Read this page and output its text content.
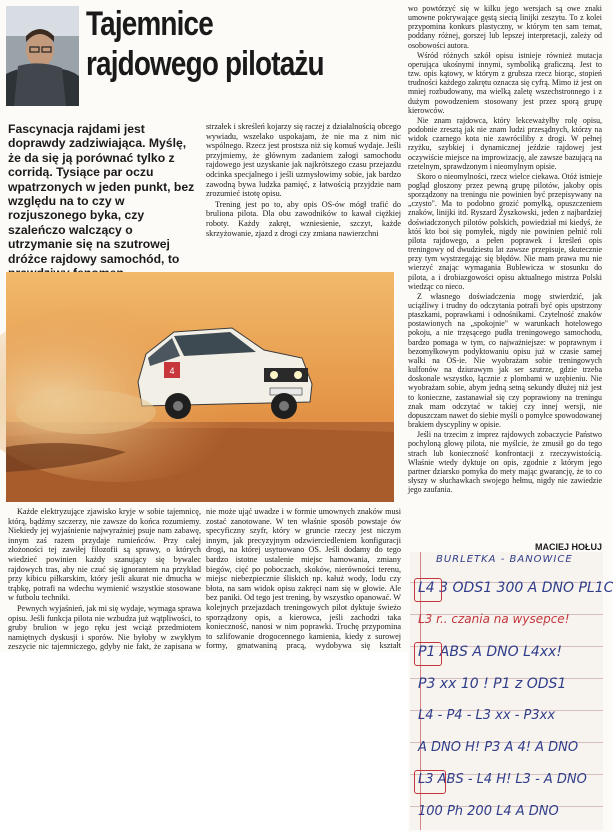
Tajemnice
rajdowego pilotażu
Fascynacja rajdami jest doprawdy zadziwiająca. Myślę, że da się ją porównać tylko z corridą. Tysiące par oczu wpatrzonych w jeden punkt, bez względu na to czy w rozjuszonego byka, czy szaleńczo walczący o utrzymanie się na szutrowej dróżce rajdowy samochód, to

strzałek i skreśleń kojarzy się raczej z działalnością obcego wywiadu, wszelako uspokajam, że nie ma z nim nic wspólnego. Rzecz jest prostsza niż się komuś wydaje. Jeśli przyjmiemy, że głównym zadaniem załogi samochodu rajdowego jest uzyskanie jak najkrótszego czasu przejazdu odcinka specjalnego i jeśli uzmysłowimy sobie, jak bardzo zawodną bywa ludzka pamięć, z łatwością przyjdzie nam zrozumieć istotę opisu.

Trening jest po to, aby opis OS-ów mógł trafić do bruliona pilota. Dla obu zawodników to kawał ciężkiej roboty. Każdy zakręt, wzniesienie, szczyt, każde skrzyżowanie, zjazd z drogi czy zmiana nawierzchni

4

Każde elektryzujące zjawisko kryje w sobie tajemnicę, którą, bądźmy szczerzy, nie zawsze do końca rozumiemy. Niekiedy jej wyjaśnienie najwyraźniej psuje nam zabawę, innym zaś razem przydaje rumieńców. Przy całej złożoności tej zawiłej filozofii są sprawy, o których wiedzieć powinien każdy szanujący się bywalec rajdowych tras, aby nie czuć się ignorantem na przykład przy kibicu piłkarskim, który jeśli akurat nie dmucha w trąbkę, potrafi na wdechu wymienić wszystkie stosowane w futbolu techniki.

Pewnych wyjaśnień, jak mi się wydaje, wymaga sprawa opisu. Jeśli funkcja pilota nie wzbudza już wątpliwości, to gruby brulion w jego ręku jest wciąż przedmiotem namiętnych dyskusji i sporów. Nie byłoby w zwykłym zeszycie nic tajemniczego, gdyby nie fakt, że zapisana w

nie może ująć uwadze i w formie umownych znaków musi zostać zanotowane. W ten właśnie sposób powstaje ów specyficzny szyfr, który w gruncie rzeczy jest niczym innym, jak precyzyjnym odzwierciedleniem konfiguracji drogi, na której usytuowano OS. Jeśli dodamy do tego bardzo istotne ustalenie miejsc hamowania, zmiany biegów, cięć po poboczach, skoków, nierówności terenu, miejsc niebezpiecznie śliskich np. kałuż wody, lodu czy błota, na sam widok opisu zakręci nam się w głowie. Ale bez paniki. Od tego jest trening, by wszystko opanować. W kolejnych przejazdach treningowych pilot dyktuje świeżo sporządzony opis, a kierowca, jeśli zachodzi taka konieczność, nanosi w nim poprawki. Trochę przypomina to szlifowanie drogocennego kamienia, kiedy z surowej formy, gmatwaniną pracą, wydobywa się kształt

wo powtórzyć się w kilku jego wersjach są owe znaki umowne pokrywające gęstą siecią linijki zeszytu. To z kolei przypomina konkurs plastyczny, w którym ten sam temat, poddany różnej, gorszej lub lepszej interpretacji, zależy od osobowości autora.

Wśród różnych szkół opisu istnieje również mutacja operująca ukośnymi innymi, symboliką graficzną. Jest to tzw. opis kątowy, w którym z grubsza rzecz biorąc, stopień trudności każdego zakrętu oznacza się cyfrą. Mimo iż jest on mniej rozbudowany, ma wielką zaletę wszechstronnego i z dużym powodzeniem stosowany jest przez sporą grupę kierowców.

Nie znam rajdowca, który lekceważyłby rolę opisu, podobnie zresztą jak nie znam ludzi przesądnych, którzy na widok czarnego kota nie zawróciliby z drogi. W pełnej rzyżku, szybkiej i dynamicznej jeździe rajdowej jest oczywiście miejsce na improwizację, ale zawsze bazującą na rzetelnym, sprawdzonym i nieomylnym opisie.

Skoro o nieomylności, rzecz wielce ciekawa. Otóż istnieje pogląd głoszony przez pewną grupę pilotów, jakoby opis sporządzony na treningu nie powinien być przepisywany na „czysto". Ma to podobno grozić pomyłką, opuszczeniem znaków, linijki itd. Ryszard Żyszkowski, jeden z najbardziej doświadczonych pilotów polskich, powiedział mi kiedyś, że któś kto boi się pomyłek, nigdy nie powinien pełnić roli pilota rajdowego, a pełen poprawek i kreśleń opis treningowy od dwudziestu lat zawsze przepisuje, skutecznie przy tym wystrzegając się błędów. Nie mam prawa mu nie wierzyć znając wymagania Bublewicza w stosunku do pilota, a i drobiazgowości opisu aktualnego mistrza Polski wiedząc co nieco.

Z własnego doświadczenia mogę stwierdzić, jak uciążliwy i trudny do odczytania potrafi być opis upstrzony ptaszkami, poprawkami i odnośnikami. Czytelność znaków postawionych na „spokojnie" w warunkach hotelowego pokoju, a nie trzęsącego pudła treningowego samochodu, bardzo pomaga w tym, co najważniejsze: w poprawnym i bezomyłkowym podyktowaniu opisu już w czasie samej walki na OS-ie. Nie wyobrażam sobie treningowych kulfonów na dziurawym jak ser szutrze, gdzie trzeba doskonale wszystko, łącznie z plombami w uzębieniu. Nie wyobrażam sobie, abym jedną setną sekundy dłużej niż jest to konieczne, zastanawiał się czy poprawiony na treningu znak mam odczytać w takiej czy innej wersji, nie dopuszczam nawet do siebie myśli o pomyłce spowodowanej brakiem dyscypliny w opisie.

Jeśli na trzecim z imprez rajdowych zobaczycie Państwo pochyloną głowę pilota, nie myślcie, że zmusił go do tego strach lub konieczność konfrontacji z rzeczywistością. Właśnie wtedy dyktuje on opis, zgodnie z którym jego partner dziarsko pomyka do mety mając gwarancję, że to co słyszy w słuchawkach swojego hełmu, nigdy nie zawiedzie jego zaufania.

MACIEJ HOŁUJ
BURLETKA - BANOWICE
L4 3 ODS1 300 A DNO PL1C
L3 r.. czania na wysepce!
P1 ABS A DNO L4xx!
P3 xx 10 ! P1 z ODS1
L4 - P4 - L3 xx - P3xx
A DNO H! P3 A 4! A DNO
L3 ABS - L4 H! L3 - A DNO
100 Ph 200 L4 A DNO
